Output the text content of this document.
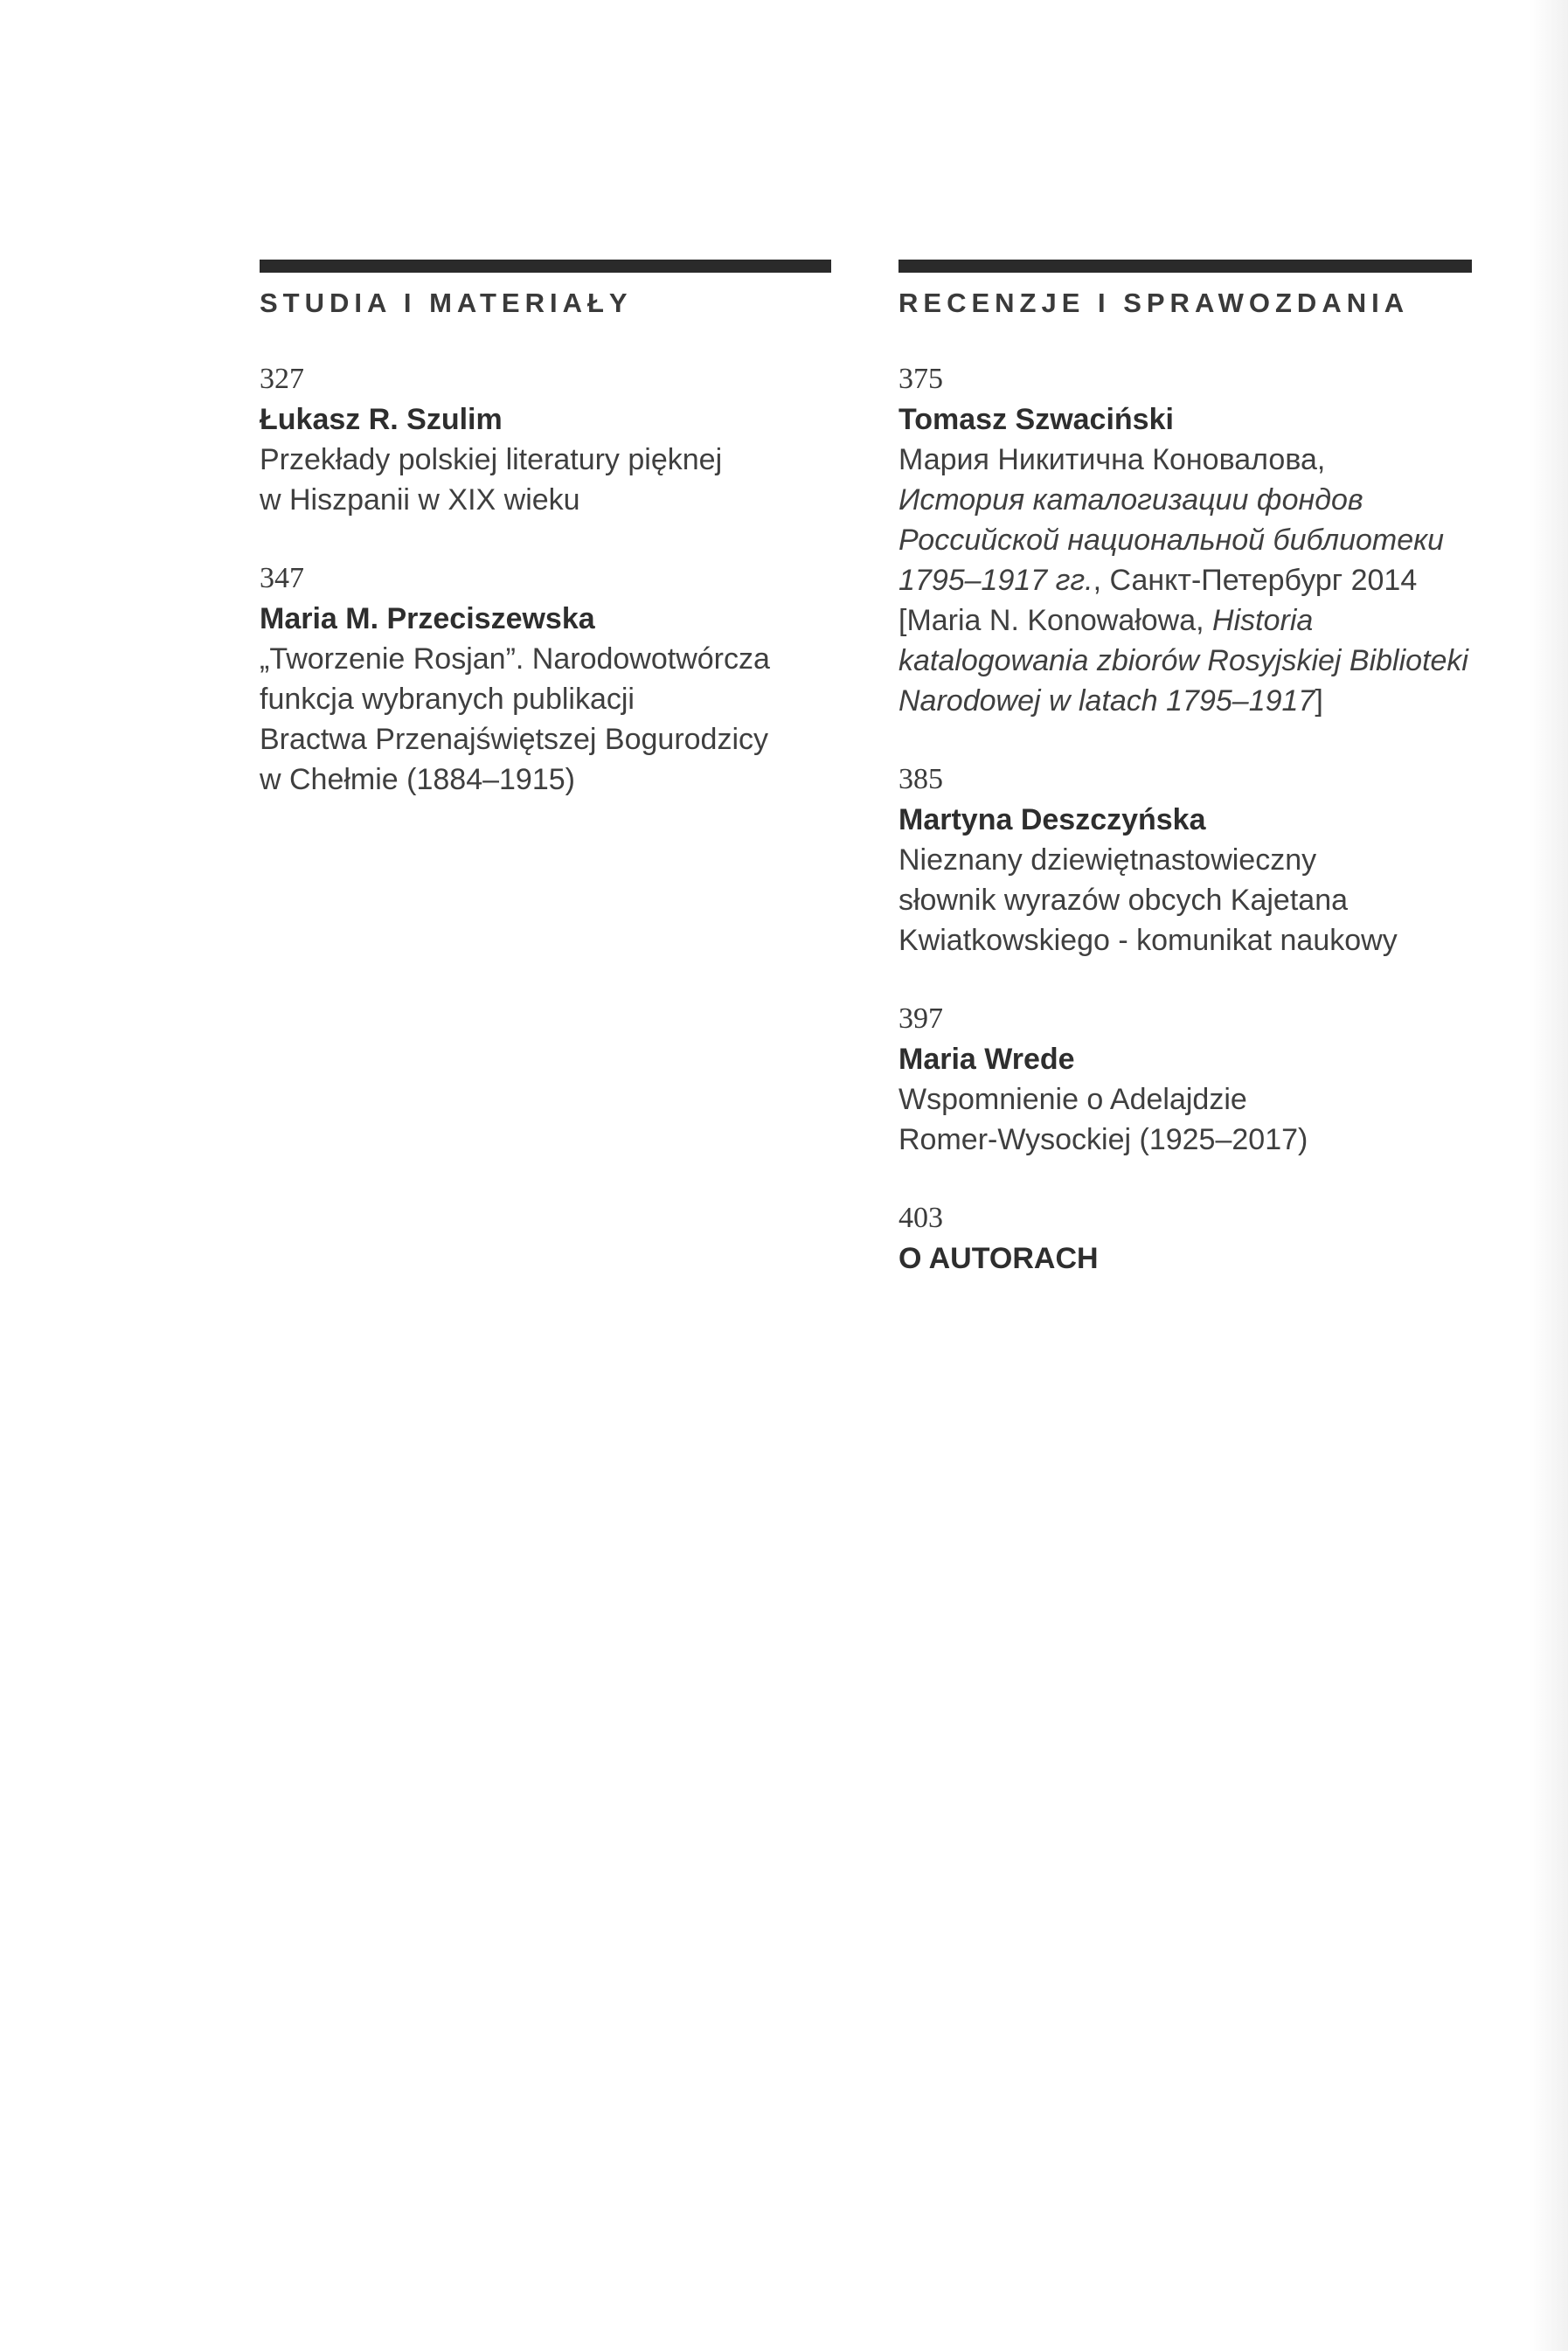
STUDIA I MATERIAŁY
327
Łukasz R. Szulim
Przekłady polskiej literatury pięknej
w Hiszpanii w XIX wieku
347
Maria M. Przeciszewska
„Tworzenie Rosjan”. Narodowotwórcza
funkcja wybranych publikacji
Bractwa Przenajświętszej Bogurodzicy
w Chełmie (1884–1915)
RECENZJE I SPRAWOZDANIA
375
Tomasz Szwaciński
Мария Никитична Коновалова,
История каталогизации фондов
Российской национальной библиотеки
1795–1917 гг., Санкт-Петербург 2014
[Maria N. Konowałowa, Historia
katalogowania zbiorów Rosyjskiej Biblioteki
Narodowej w latach 1795–1917]
385
Martyna Deszczyńska
Nieznany dziewiętnastowieczny
słownik wyrazów obcych Kajetana
Kwiatkowskiego - komunikat naukowy
397
Maria Wrede
Wspomnienie o Adelajdzie
Romer-Wysockiej (1925–2017)
403
O AUTORACH
